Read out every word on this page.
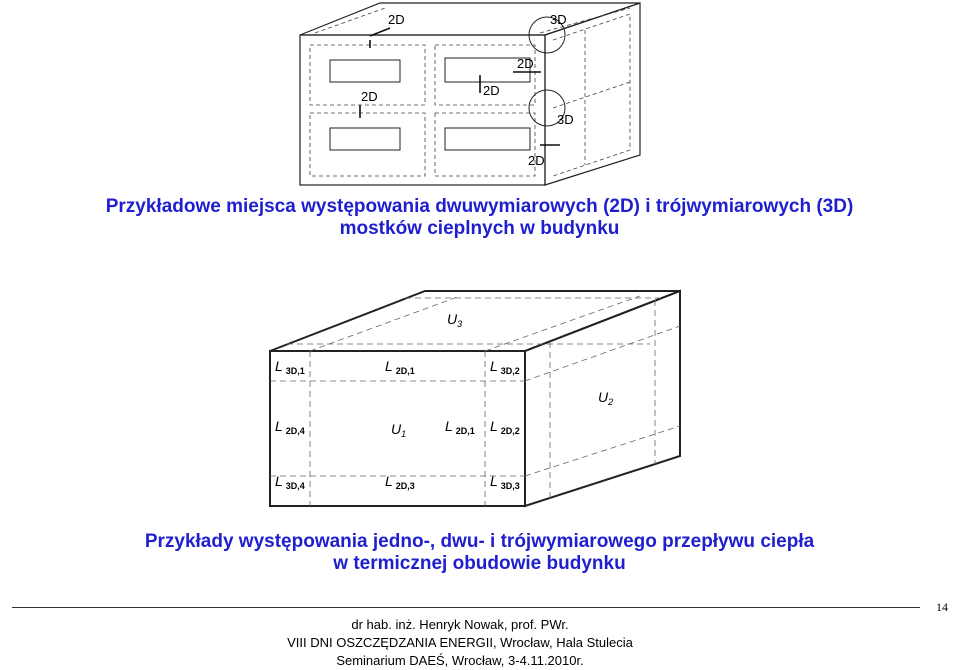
2D	3D
2D
2D
2D
3D
2D
Przykładowe miejsca występowania dwuwymiarowych (2D) i trójwymiarowych (3D)
mostków cieplnych w budynku
$U_3$
$U_2$
$U_1$
L $_{3D,1}$	L $_{2D,1}$	L $_{3D,2}$
L $_{2D,4}$	L $_{2D,1}$ L $_{2D,2}$
L $_{3D,4}$	L $_{2D,3}$	L $_{3D,3}$
Przykłady występowania jedno-, dwu- i trójwymiarowego przepływu ciepła
w termicznej obudowie budynku
14
dr hab. inż. Henryk Nowak, prof. PWr.
VIII DNI OSZCZĘDZANIA ENERGII, Wrocław, Hala Stulecia
Seminarium DAEŚ, Wrocław, 3-4.11.2010r.
